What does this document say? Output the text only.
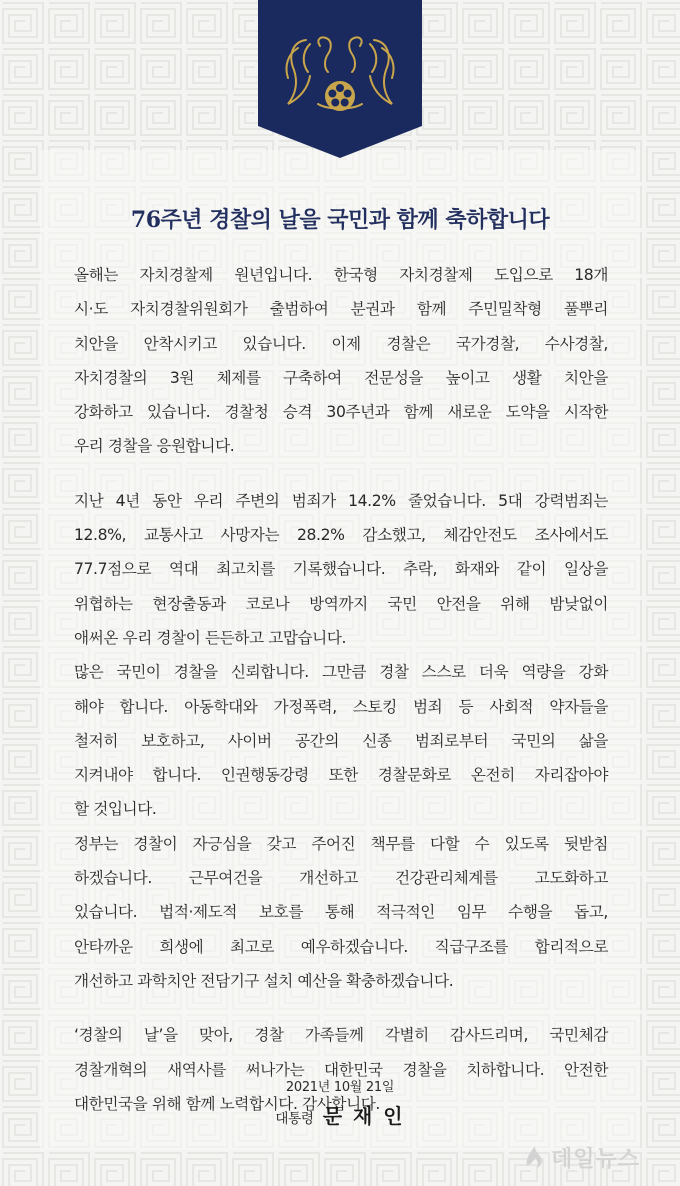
76주년 경찰의 날을 국민과 함께 축하합니다

올해는 자치경찰제 원년입니다. 한국형 자치경찰제 도입으로 18개
시·도 자치경찰위원회가 출범하여 분권과 함께 주민밀착형 풀뿌리
치안을 안착시키고 있습니다. 이제 경찰은 국가경찰, 수사경찰,
자치경찰의 3원 체제를 구축하여 전문성을 높이고 생활 치안을
강화하고 있습니다. 경찰청 승격 30주년과 함께 새로운 도약을 시작한
우리 경찰을 응원합니다.

지난 4년 동안 우리 주변의 범죄가 14.2% 줄었습니다. 5대 강력범죄는
12.8%, 교통사고 사망자는 28.2% 감소했고, 체감안전도 조사에서도
77.7점으로 역대 최고치를 기록했습니다. 추락, 화재와 같이 일상을
위협하는 현장출동과 코로나 방역까지 국민 안전을 위해 밤낮없이
애써온 우리 경찰이 든든하고 고맙습니다.

많은 국민이 경찰을 신뢰합니다. 그만큼 경찰 스스로 더욱 역량을 강화
해야 합니다. 아동학대와 가정폭력, 스토킹 범죄 등 사회적 약자들을
철저히 보호하고, 사이버 공간의 신종 범죄로부터 국민의 삶을
지켜내야 합니다. 인권행동강령 또한 경찰문화로 온전히 자리잡아야
할 것입니다.

정부는 경찰이 자긍심을 갖고 주어진 책무를 다할 수 있도록 뒷받침
하겠습니다. 근무여건을 개선하고 건강관리체계를 고도화하고
있습니다. 법적·제도적 보호를 통해 적극적인 임무 수행을 돕고,
안타까운 희생에 최고로 예우하겠습니다. 직급구조를 합리적으로
개선하고 과학치안 전담기구 설치 예산을 확충하겠습니다.

‘경찰의 날’을 맞아, 경찰 가족들께 각별히 감사드리며, 국민체감
경찰개혁의 새역사를 써나가는 대한민국 경찰을 치하합니다. 안전한
대한민국을 위해 함께 노력합시다. 감사합니다.

2021년 10월 21일
대통령 문 재 인
데일뉴스
